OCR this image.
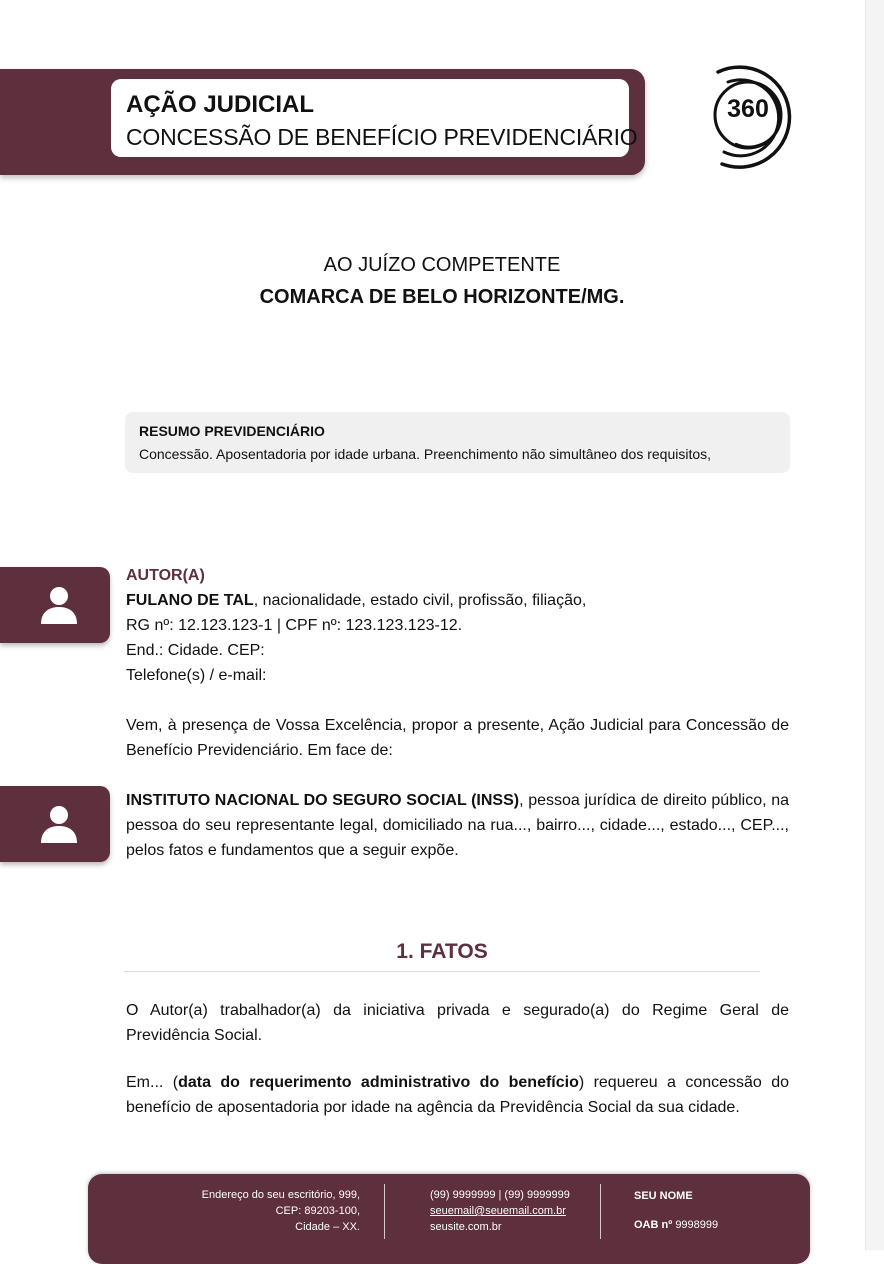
AÇÃO JUDICIAL
CONCESSÃO DE BENEFÍCIO PREVIDENCIÁRIO
360
AO JUÍZO COMPETENTE
COMARCA DE BELO HORIZONTE/MG.
RESUMO PREVIDENCIÁRIO
Concessão. Aposentadoria por idade urbana. Preenchimento não simultâneo dos requisitos,
AUTOR(A)
FULANO DE TAL, nacionalidade, estado civil, profissão, filiação,
RG nº: 12.123.123-1 | CPF nº: 123.123.123-12.
End.: Cidade. CEP:
Telefone(s) / e-mail:
Vem, à presença de Vossa Excelência, propor a presente, Ação Judicial para Concessão de Benefício Previdenciário. Em face de:
INSTITUTO NACIONAL DO SEGURO SOCIAL (INSS), pessoa jurídica de direito público, na pessoa do seu representante legal, domiciliado na rua..., bairro..., cidade..., estado..., CEP..., pelos fatos e fundamentos que a seguir expõe.
1. FATOS
O Autor(a) trabalhador(a) da iniciativa privada e segurado(a) do Regime Geral de Previdência Social.
Em... (data do requerimento administrativo do benefício) requereu a concessão do benefício de aposentadoria por idade na agência da Previdência Social da sua cidade.
Endereço do seu escritório, 999,
CEP: 89203-100,
Cidade – XX.
(99) 9999999 | (99) 9999999
seuemail@seuemail.com.br
seusite.com.br
SEU NOME
OAB nº 9998999
